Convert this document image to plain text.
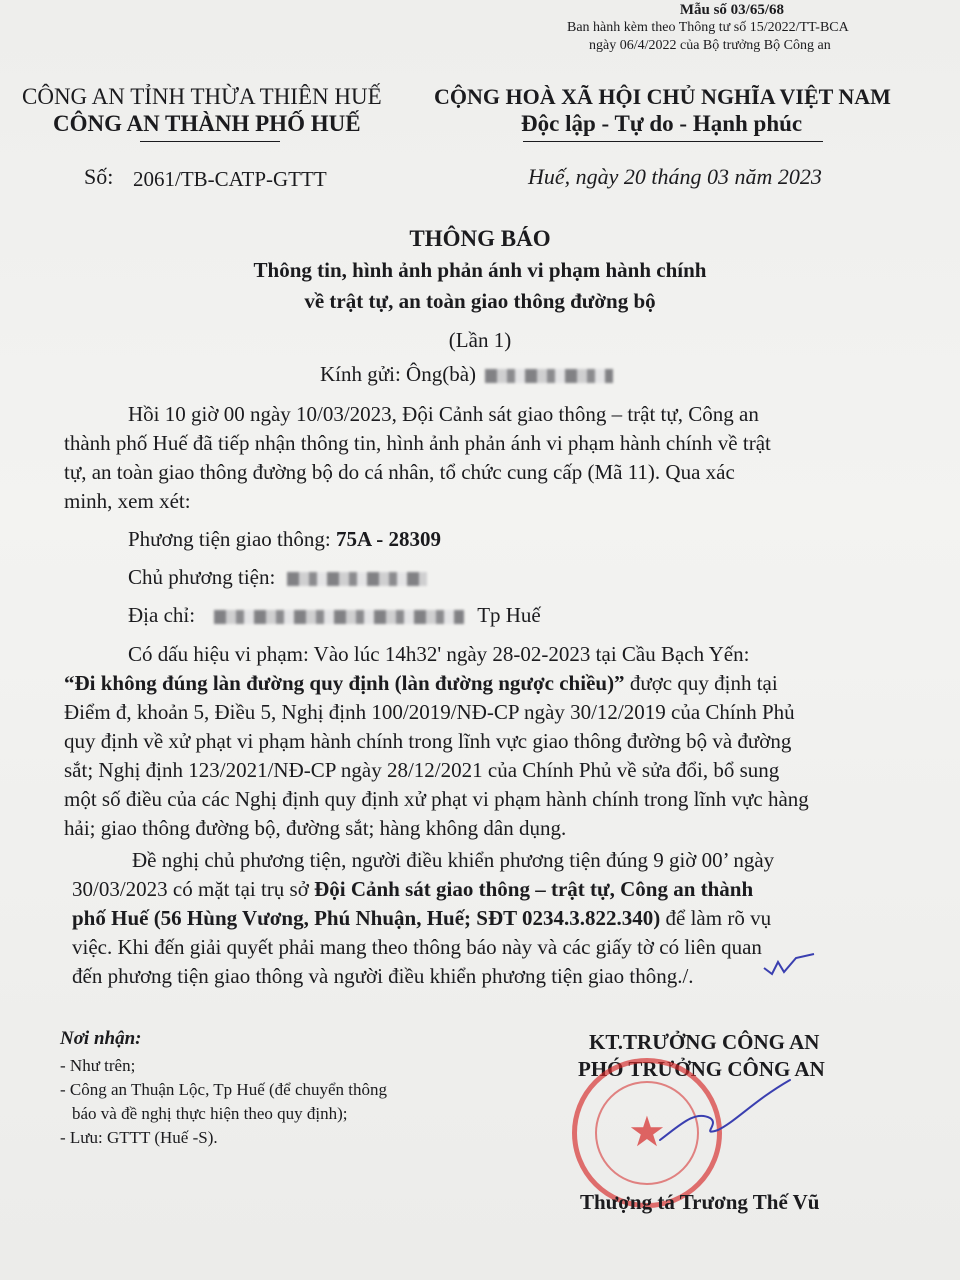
Mẫu số 03/65/68
Ban hành kèm theo Thông tư số 15/2022/TT-BCA
ngày 06/4/2022 của Bộ trưởng Bộ Công an
CÔNG AN TỈNH THỪA THIÊN HUẾ
CÔNG AN THÀNH PHỐ HUẾ
CỘNG HOÀ XÃ HỘI CHỦ NGHĨA VIỆT NAM
Độc lập - Tự do - Hạnh phúc
Số: 2061/TB-CATP-GTTT	Huế, ngày 20 tháng 03 năm 2023
THÔNG BÁO
Thông tin, hình ảnh phản ánh vi phạm hành chính
về trật tự, an toàn giao thông đường bộ
(Lần 1)
Kính gửi: Ông(bà)
Hồi 10 giờ 00 ngày 10/03/2023, Đội Cảnh sát giao thông – trật tự, Công an
thành phố Huế đã tiếp nhận thông tin, hình ảnh phản ánh vi phạm hành chính về trật
tự, an toàn giao thông đường bộ do cá nhân, tổ chức cung cấp (Mã 11). Qua xác
minh, xem xét:
Phương tiện giao thông: 75A - 28309
Chủ phương tiện:
Địa chỉ:	Tp Huế
Có dấu hiệu vi phạm: Vào lúc 14h32' ngày 28-02-2023 tại Cầu Bạch Yến:
“Đi không đúng làn đường quy định (làn đường ngược chiều)” được quy định tại
Điểm đ, khoản 5, Điều 5, Nghị định 100/2019/NĐ-CP ngày 30/12/2019 của Chính Phủ
quy định về xử phạt vi phạm hành chính trong lĩnh vực giao thông đường bộ và đường
sắt; Nghị định 123/2021/NĐ-CP ngày 28/12/2021 của Chính Phủ về sửa đổi, bổ sung
một số điều của các Nghị định quy định xử phạt vi phạm hành chính trong lĩnh vực hàng
hải; giao thông đường bộ, đường sắt; hàng không dân dụng.
Đề nghị chủ phương tiện, người điều khiển phương tiện đúng 9 giờ 00’ ngày
30/03/2023 có mặt tại trụ sở Đội Cảnh sát giao thông – trật tự, Công an thành
phố Huế (56 Hùng Vương, Phú Nhuận, Huế; SĐT 0234.3.822.340) để làm rõ vụ
việc. Khi đến giải quyết phải mang theo thông báo này và các giấy tờ có liên quan
đến phương tiện giao thông và người điều khiển phương tiện giao thông./.
Nơi nhận:
- Như trên;
- Công an Thuận Lộc, Tp Huế (để chuyển thông
báo và đề nghị thực hiện theo quy định);
- Lưu: GTTT (Huế -S).
KT.TRƯỞNG CÔNG AN
PHÓ TRƯỞNG CÔNG AN
★
Thượng tá Trương Thế Vũ
